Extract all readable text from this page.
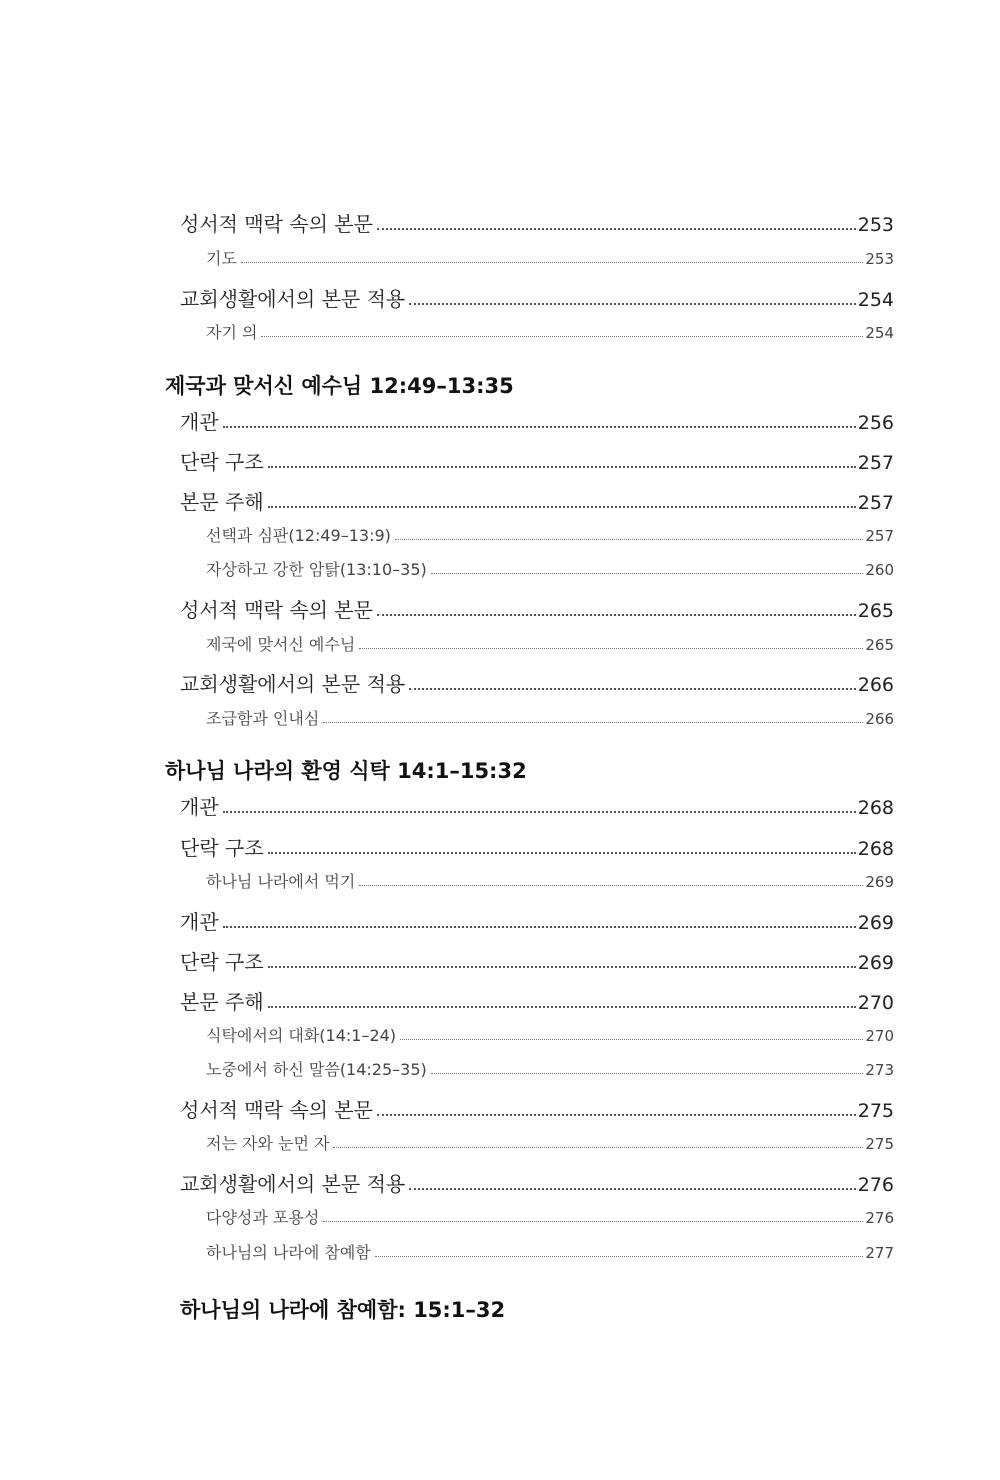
성서적 맥락 속의 본문	253
기도	253
교회생활에서의 본문 적용	254
자기 의	254
제국과 맞서신 예수님 12:49–13:35
개관	256
단락 구조	257
본문 주해	257
선택과 심판(12:49–13:9)	257
자상하고 강한 암탉(13:10–35)	260
성서적 맥락 속의 본문	265
제국에 맞서신 예수님	265
교회생활에서의 본문 적용	266
조급함과 인내심	266
하나님 나라의 환영 식탁 14:1–15:32
개관	268
단락 구조	268
하나님 나라에서 먹기	269
개관	269
단락 구조	269
본문 주해	270
식탁에서의 대화(14:1–24)	270
노중에서 하신 말씀(14:25–35)	273
성서적 맥락 속의 본문	275
저는 자와 눈먼 자	275
교회생활에서의 본문 적용	276
다양성과 포용성	276
하나님의 나라에 참예함	277
하나님의 나라에 참예함: 15:1–32
